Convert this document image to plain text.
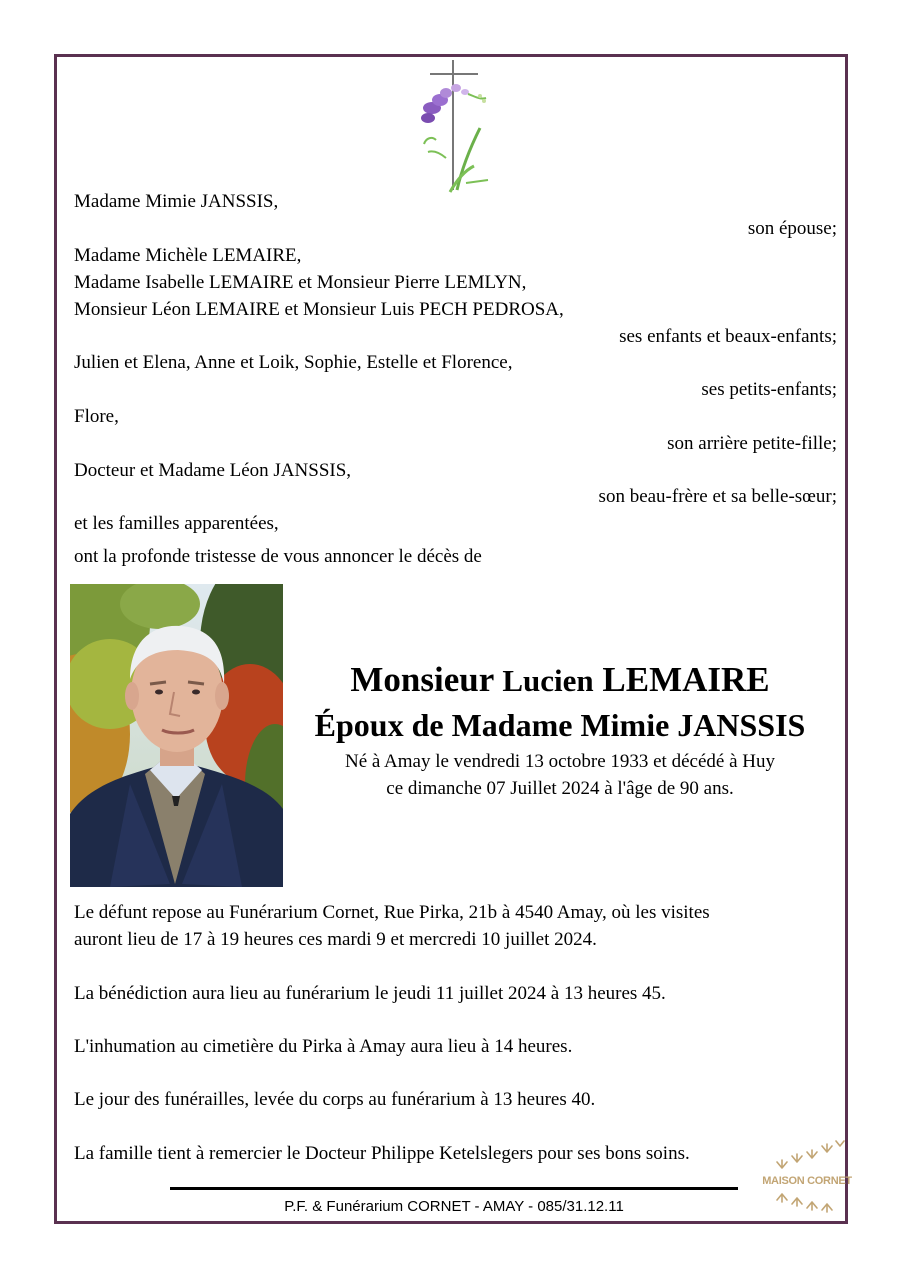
Madame Mimie JANSSIS,
son épouse;
Madame Michèle LEMAIRE,
Madame Isabelle LEMAIRE et Monsieur Pierre LEMLYN,
Monsieur Léon LEMAIRE et Monsieur Luis PECH PEDROSA,
ses enfants et beaux-enfants;
Julien et Elena, Anne et Loik, Sophie, Estelle et Florence,
ses petits-enfants;
Flore,
son arrière petite-fille;
Docteur et Madame Léon JANSSIS,
son beau-frère et sa belle-sœur;
et les familles apparentées,
ont la profonde tristesse de vous annoncer le décès de
Monsieur Lucien LEMAIRE
Époux de Madame Mimie JANSSIS
Né à Amay le vendredi 13 octobre 1933 et décédé à Huy
ce dimanche 07 Juillet 2024 à l'âge de 90 ans.
Le défunt repose au Funérarium Cornet, Rue Pirka, 21b à 4540 Amay, où les visites
auront lieu de 17 à 19 heures ces mardi 9 et mercredi 10 juillet 2024.
La bénédiction aura lieu au funérarium le jeudi 11 juillet 2024 à 13 heures 45.
L'inhumation au cimetière du Pirka à Amay aura lieu à 14 heures.
Le jour des funérailles, levée du corps au funérarium à 13 heures 40.
La famille tient à remercier le Docteur Philippe Ketelslegers pour ses bons soins.
P.F. & Funérarium CORNET - AMAY - 085/31.12.11
MAISON CORNET
